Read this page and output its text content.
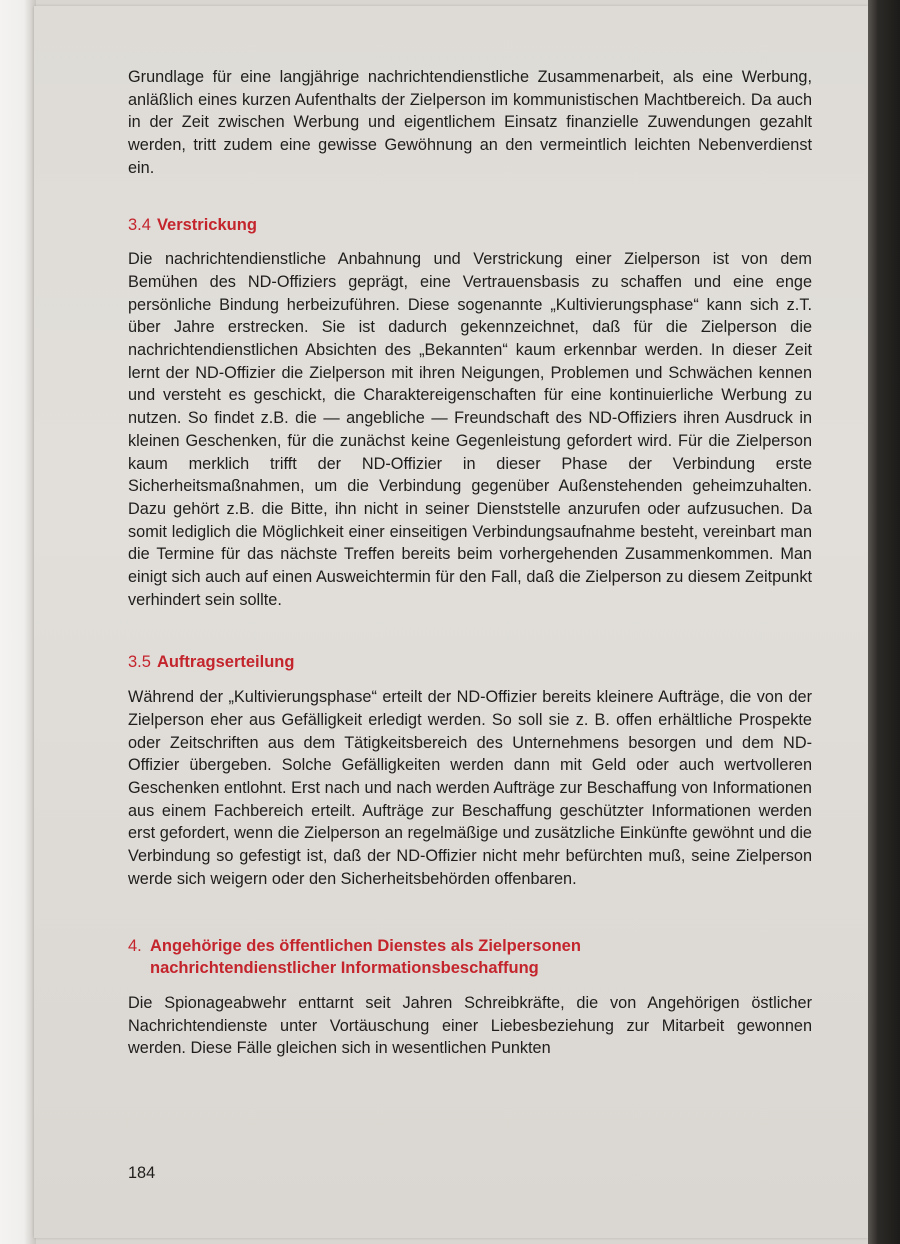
Grundlage für eine langjährige nachrichtendienstliche Zusammenarbeit, als eine Werbung, anläßlich eines kurzen Aufenthalts der Zielperson im kommunistischen Machtbereich. Da auch in der Zeit zwischen Werbung und eigentlichem Einsatz finanzielle Zuwendungen gezahlt werden, tritt zudem eine gewisse Gewöhnung an den vermeintlich leichten Nebenverdienst ein.

3.4 Verstrickung

Die nachrichtendienstliche Anbahnung und Verstrickung einer Zielperson ist von dem Bemühen des ND-Offiziers geprägt, eine Vertrauensbasis zu schaffen und eine enge persönliche Bindung herbeizuführen. Diese sogenannte „Kultivierungsphase“ kann sich z.T. über Jahre erstrecken. Sie ist dadurch gekennzeichnet, daß für die Zielperson die nachrichtendienstlichen Absichten des „Bekannten“ kaum erkennbar werden. In dieser Zeit lernt der ND-Offizier die Zielperson mit ihren Neigungen, Problemen und Schwächen kennen und versteht es geschickt, die Charaktereigenschaften für eine kontinuierliche Werbung zu nutzen. So findet z.B. die — angebliche — Freundschaft des ND-Offiziers ihren Ausdruck in kleinen Geschenken, für die zunächst keine Gegenleistung gefordert wird. Für die Zielperson kaum merklich trifft der ND-Offizier in dieser Phase der Verbindung erste Sicherheitsmaßnahmen, um die Verbindung gegenüber Außenstehenden geheimzuhalten. Dazu gehört z.B. die Bitte, ihn nicht in seiner Dienststelle anzurufen oder aufzusuchen. Da somit lediglich die Möglichkeit einer einseitigen Verbindungsaufnahme besteht, vereinbart man die Termine für das nächste Treffen bereits beim vorhergehenden Zusammenkommen. Man einigt sich auch auf einen Ausweichtermin für den Fall, daß die Zielperson zu diesem Zeitpunkt verhindert sein sollte.

3.5 Auftragserteilung

Während der „Kultivierungsphase“ erteilt der ND-Offizier bereits kleinere Aufträge, die von der Zielperson eher aus Gefälligkeit erledigt werden. So soll sie z. B. offen erhältliche Prospekte oder Zeitschriften aus dem Tätigkeitsbereich des Unternehmens besorgen und dem ND-Offizier übergeben. Solche Gefälligkeiten werden dann mit Geld oder auch wertvolleren Geschenken entlohnt. Erst nach und nach werden Aufträge zur Beschaffung von Informationen aus einem Fachbereich erteilt. Aufträge zur Beschaffung geschützter Informationen werden erst gefordert, wenn die Zielperson an regelmäßige und zusätzliche Einkünfte gewöhnt und die Verbindung so gefestigt ist, daß der ND-Offizier nicht mehr befürchten muß, seine Zielperson werde sich weigern oder den Sicherheitsbehörden offenbaren.

4. Angehörige des öffentlichen Dienstes als Zielpersonen
nachrichtendienstlicher Informationsbeschaffung

Die Spionageabwehr enttarnt seit Jahren Schreibkräfte, die von Angehörigen östlicher Nachrichtendienste unter Vortäuschung einer Liebesbeziehung zur Mitarbeit gewonnen werden. Diese Fälle gleichen sich in wesentlichen Punkten

184
